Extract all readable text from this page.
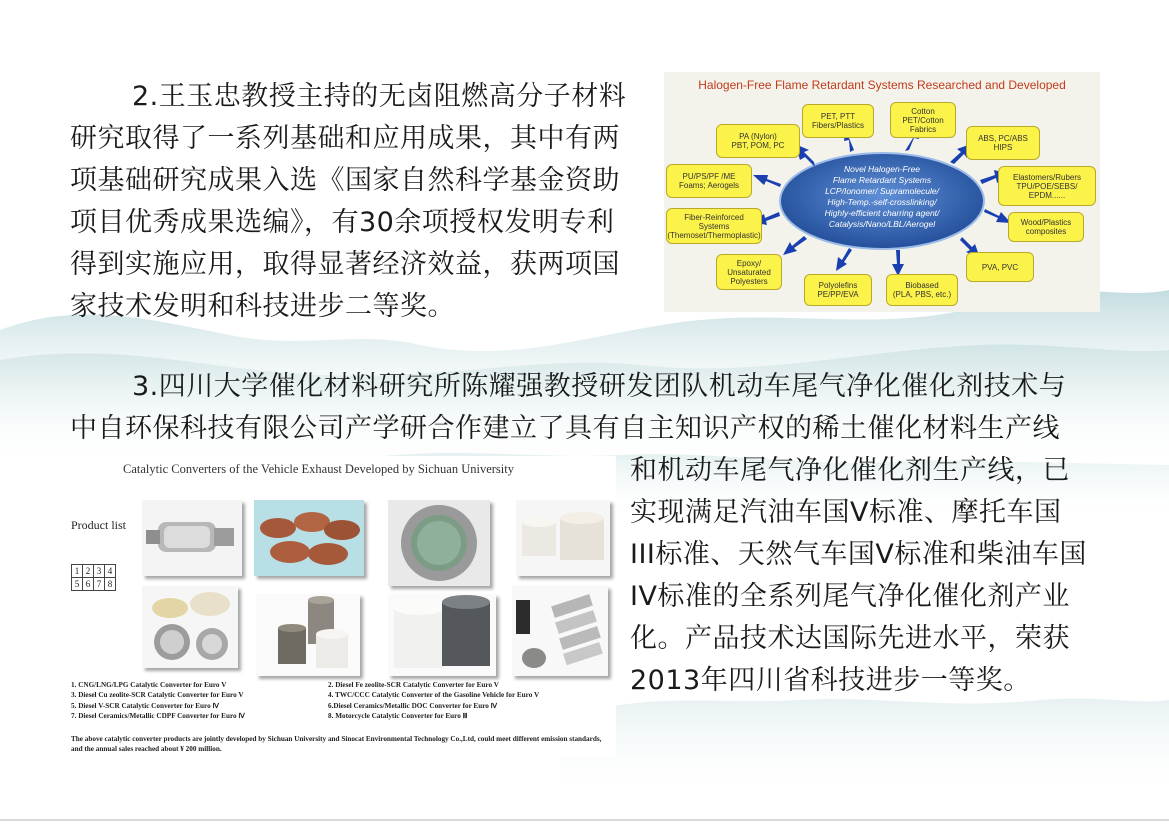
2.王玉忠教授主持的无卤阻燃高分子材料
研究取得了一系列基础和应用成果，其中有两
项基础研究成果入选《国家自然科学基金资助
项目优秀成果选编》，有30余项授权发明专利
得到实施应用，取得显著经济效益，获两项国
家技术发明和科技进步二等奖。
Halogen-Free Flame Retardant Systems Researched and Developed
Novel Halogen-Free
Flame Retardant Systems
LCP/Ionomer/ Supramolecule/
High-Temp.-self-crosslinking/
Highly-efficient charring agent/
Catalysis/Nano/LBL/Aerogel
PA (Nylon)
PBT, POM, PC
PET, PTT
Fibers/Plastics
Cotton
PET/Cotton
Fabrics
ABS, PC/ABS
HIPS
PU/PS/PF /ME
Foams; Aerogels
Elastomers/Rubers
TPU/POE/SEBS/
EPDM......
Fiber-Reinforced
Systems
(Themoset/Thermoplastic)
Wood/Plastics
composites
Epoxy/
Unsaturated
Polyesters	Polyolefins
PE/PP/EVA
Biobased
(PLA, PBS, etc.)
PVA, PVC
3.四川大学催化材料研究所陈耀强教授研发团队机动车尾气净化催化剂技术与
中自环保科技有限公司产学研合作建立了具有自主知识产权的稀土催化材料生产线
和机动车尾气净化催化剂生产线，已
实现满足汽油车国V标准、摩托车国
III标准、天然气车国V标准和柴油车国
IV标准的全系列尾气净化催化剂产业
化。产品技术达国际先进水平，荣获
2013年四川省科技进步一等奖。
Catalytic Converters of the Vehicle Exhaust Developed by Sichuan University
Product list
1	2	3	4
5	6	7	8
1. CNG/LNG/LPG Catalytic Converter for Euro V
3. Diesel Cu zeolite-SCR Catalytic Converter for Euro V
5. Diesel V-SCR Catalytic Converter for Euro Ⅳ
7. Diesel Ceramics/Metallic CDPF Converter for Euro Ⅳ
2. Diesel Fe zeolite-SCR Catalytic Converter for Euro V
4. TWC/CCC Catalytic Converter of the Gasoline Vehicle for Euro V
6.Diesel Ceramics/Metallic DOC Converter for Euro Ⅳ
8. Motorcycle Catalytic Converter for Euro Ⅲ
The above catalytic converter products are jointly developed by Sichuan University and Sinocat Environmental Technology Co.,Ltd, could meet different emission standards, and the annual sales reached about ¥ 200 million.
